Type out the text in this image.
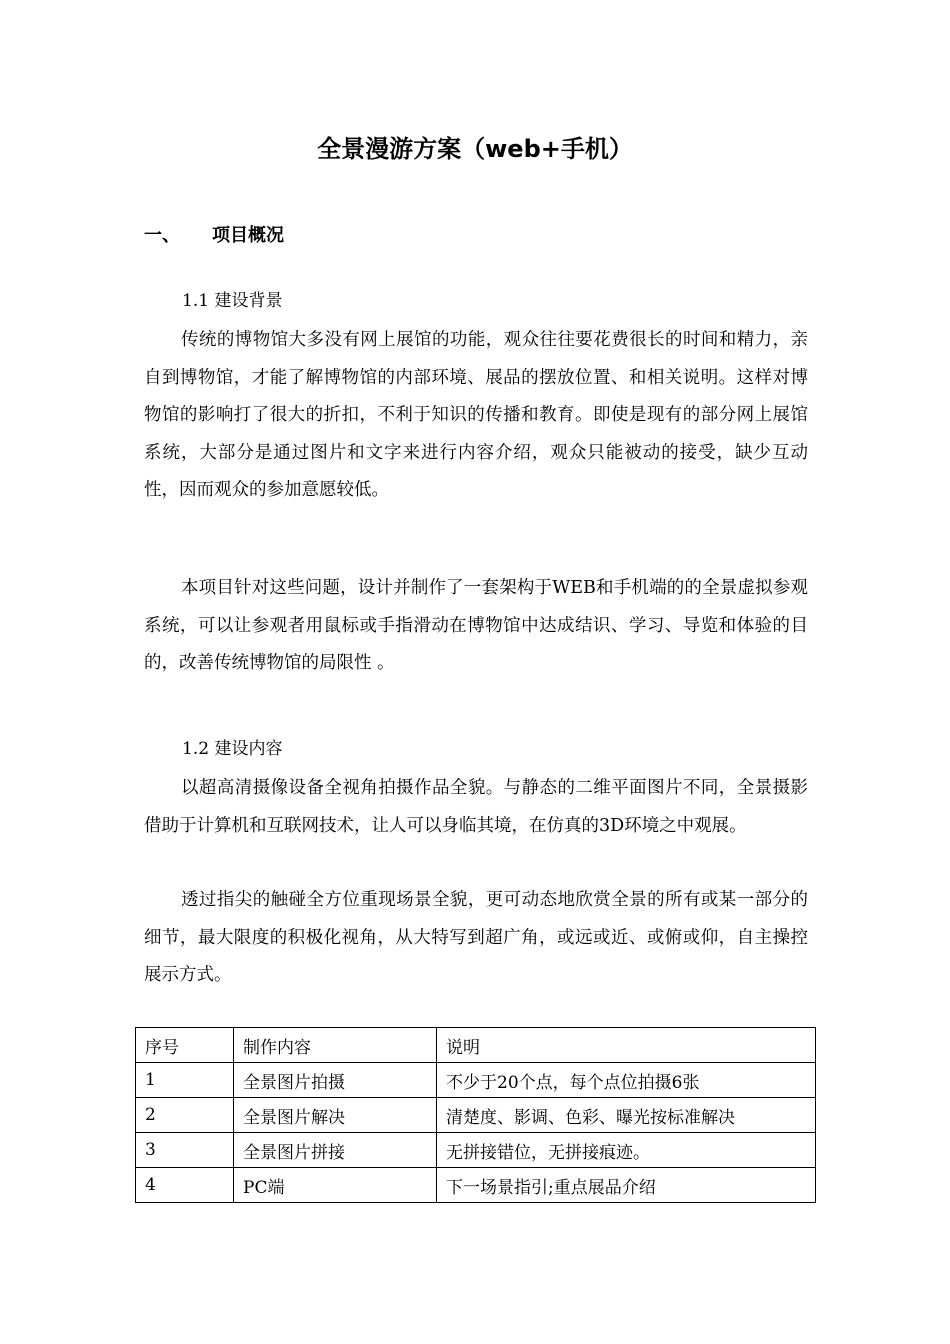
全景漫游方案（web+手机）
一、 项目概况
1.1 建设背景

传统的博物馆大多没有网上展馆的功能，观众往往要花费很长的时间和精力，亲自到博物馆，才能了解博物馆的内部环境、展品的摆放位置、和相关说明。这样对博物馆的影响打了很大的折扣，不利于知识的传播和教育。即使是现有的部分网上展馆系统，大部分是通过图片和文字来进行内容介绍，观众只能被动的接受，缺少互动性，因而观众的参加意愿较低。

本项目针对这些问题，设计并制作了一套架构于WEB和手机端的的全景虚拟参观系统，可以让参观者用鼠标或手指滑动在博物馆中达成结识、学习、导览和体验的目的，改善传统博物馆的局限性 。

1.2 建设内容

以超高清摄像设备全视角拍摄作品全貌。与静态的二维平面图片不同，全景摄影借助于计算机和互联网技术，让人可以身临其境，在仿真的3D环境之中观展。

透过指尖的触碰全方位重现场景全貌，更可动态地欣赏全景的所有或某一部分的细节，最大限度的积极化视角，从大特写到超广角，或远或近、或俯或仰，自主操控展示方式。

序号	制作内容	说明
1	全景图片拍摄	不少于20个点，每个点位拍摄6张
2	全景图片解决	清楚度、影调、色彩、曝光按标准解决
3	全景图片拼接	无拼接错位，无拼接痕迹。
4	PC端	下一场景指引;重点展品介绍
